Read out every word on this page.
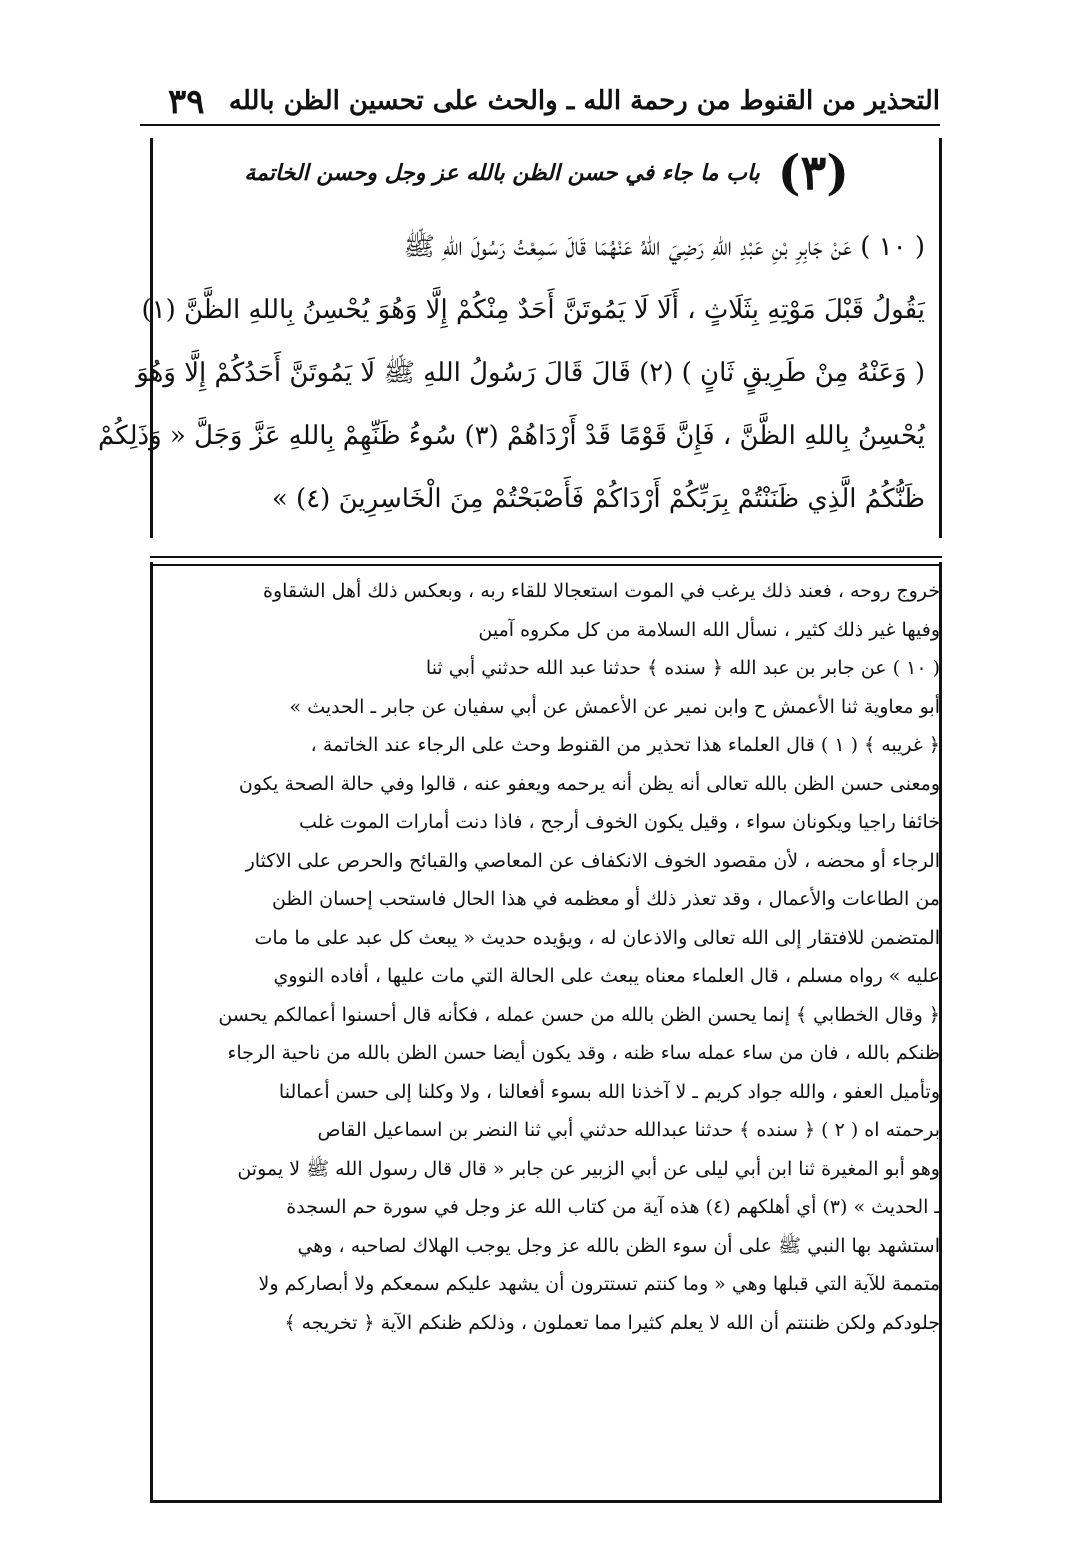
٣٩ التحذير من القنوط من رحمة الله ـ والحث على تحسين الظن بالله
(٣)
باب ما جاء في حسن الظن بالله عز وجل وحسن الخاتمة
( ١٠ ) عَنْ جَابِرِ بْنِ عَبْدِ اللهِ رَضِيَ اللهُ عَنْهُمَا قَالَ سَمِعْتُ رَسُولَ اللهِ ﷺ
يَقُولُ قَبْلَ مَوْتِهِ بِثَلَاثٍ ، أَلَا لَا يَمُوتَنَّ أَحَدٌ مِنْكُمْ إِلَّا وَهُوَ يُحْسِنُ بِاللهِ الظَّنَّ (١)
( وَعَنْهُ مِنْ طَرِيقٍ ثَانٍ ) (٢) قَالَ قَالَ رَسُولُ اللهِ ﷺ لَا يَمُوتَنَّ أَحَدُكُمْ إِلَّا وَهُوَ
يُحْسِنُ بِاللهِ الظَّنَّ ، فَإِنَّ قَوْمًا قَدْ أَرْدَاهُمْ (٣) سُوءُ ظَنِّهِمْ بِاللهِ عَزَّ وَجَلَّ « وَذَلِكُمْ
ظَنُّكُمُ الَّذِي ظَنَنْتُمْ بِرَبِّكُمْ أَرْدَاكُمْ فَأَصْبَحْتُمْ مِنَ الْخَاسِرِينَ (٤) »
خروج روحه ، فعند ذلك يرغب في الموت استعجالا للقاء ربه ، وبعكس ذلك أهل الشقاوة
وفيها غير ذلك كثير ، نسأل الله السلامة من كل مكروه آمين
( ١٠ ) عن جابر بن عبد الله ﴿ سنده ﴾ حدثنا عبد الله حدثني أبي ثنا
أبو معاوية ثنا الأعمش ح وابن نمير عن الأعمش عن أبي سفيان عن جابر ـ الحديث »
﴿ غريبه ﴾ ( ١ ) قال العلماء هذا تحذير من القنوط وحث على الرجاء عند الخاتمة ،
ومعنى حسن الظن بالله تعالى أنه يظن أنه يرحمه ويعفو عنه ، قالوا وفي حالة الصحة يكون
خائفا راجيا ويكونان سواء ، وقيل يكون الخوف أرجح ، فاذا دنت أمارات الموت غلب
الرجاء أو محضه ، لأن مقصود الخوف الانكفاف عن المعاصي والقبائح والحرص على الاكثار
من الطاعات والأعمال ، وقد تعذر ذلك أو معظمه في هذا الحال فاستحب إحسان الظن
المتضمن للافتقار إلى الله تعالى والاذعان له ، ويؤيده حديث « يبعث كل عبد على ما مات
عليه » رواه مسلم ، قال العلماء معناه يبعث على الحالة التي مات عليها ، أفاده النووي
﴿ وقال الخطابي ﴾ إنما يحسن الظن بالله من حسن عمله ، فكأنه قال أحسنوا أعمالكم يحسن
ظنكم بالله ، فان من ساء عمله ساء ظنه ، وقد يكون أيضا حسن الظن بالله من ناحية الرجاء
وتأميل العفو ، والله جواد كريم ـ لا آخذنا الله بسوء أفعالنا ، ولا وكلنا إلى حسن أعمالنا
برحمته اه ( ٢ ) ﴿ سنده ﴾ حدثنا عبدالله حدثني أبي ثنا النضر بن اسماعيل القاص
وهو أبو المغيرة ثنا ابن أبي ليلى عن أبي الزبير عن جابر « قال قال رسول الله ﷺ لا يموتن
ـ الحديث » (٣) أي أهلكهم (٤) هذه آية من كتاب الله عز وجل في سورة حم السجدة
استشهد بها النبي ﷺ على أن سوء الظن بالله عز وجل يوجب الهلاك لصاحبه ، وهي
متممة للآية التي قبلها وهي « وما كنتم تستترون أن يشهد عليكم سمعكم ولا أبصاركم ولا
جلودكم ولكن ظننتم أن الله لا يعلم كثيرا مما تعملون ، وذلكم ظنكم الآية ﴿ تخريجه ﴾
